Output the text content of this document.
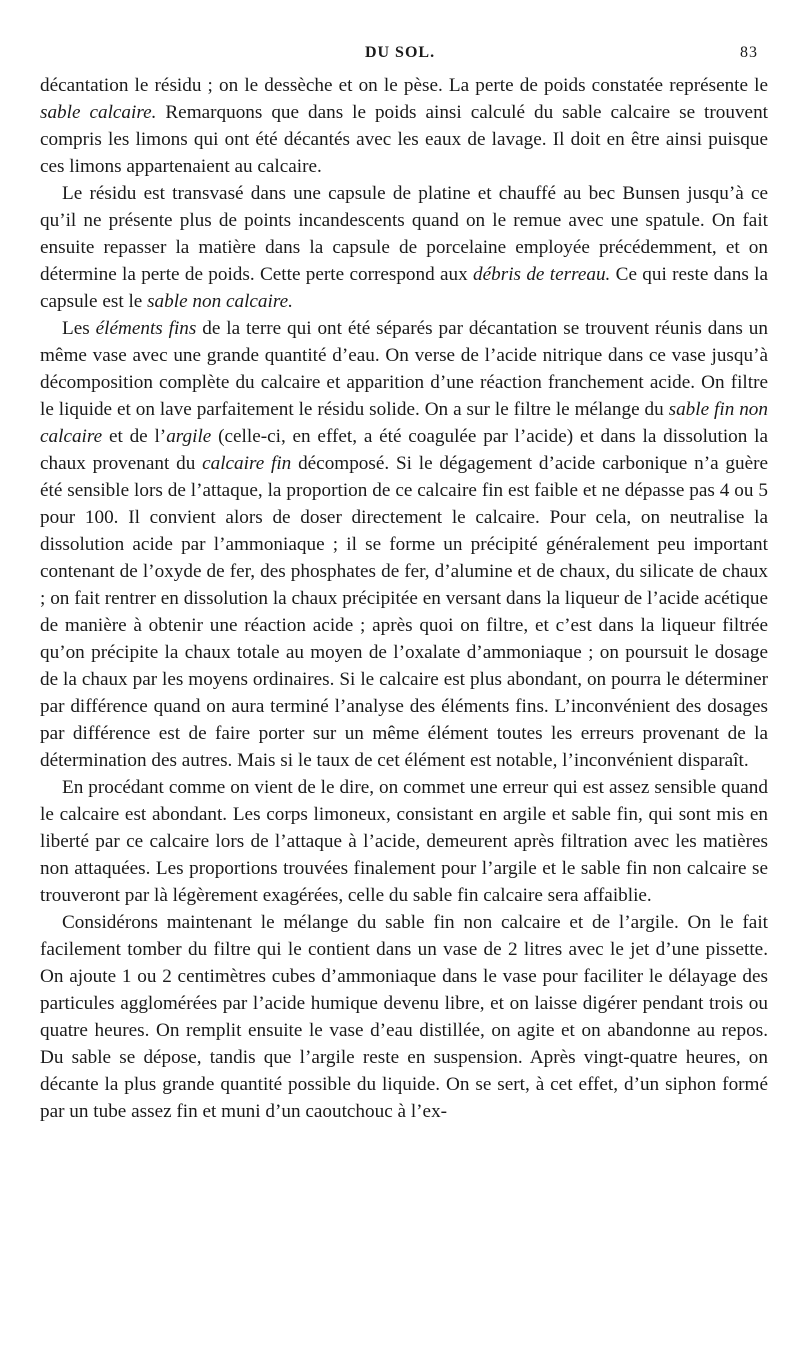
DU SOL.	83

décantation le résidu ; on le dessèche et on le pèse. La perte de poids constatée représente le sable calcaire. Remarquons que dans le poids ainsi calculé du sable calcaire se trouvent compris les limons qui ont été décantés avec les eaux de lavage. Il doit en être ainsi puisque ces limons appartenaient au calcaire.

Le résidu est transvasé dans une capsule de platine et chauffé au bec Bunsen jusqu’à ce qu’il ne présente plus de points incandescents quand on le remue avec une spatule. On fait ensuite repasser la matière dans la capsule de porcelaine employée précédemment, et on détermine la perte de poids. Cette perte correspond aux débris de terreau. Ce qui reste dans la capsule est le sable non calcaire.

Les éléments fins de la terre qui ont été séparés par décantation se trouvent réunis dans un même vase avec une grande quantité d’eau. On verse de l’acide nitrique dans ce vase jusqu’à décomposition complète du calcaire et apparition d’une réaction franchement acide. On filtre le liquide et on lave parfaitement le résidu solide. On a sur le filtre le mélange du sable fin non calcaire et de l’argile (celle-ci, en effet, a été coagulée par l’acide) et dans la dissolution la chaux provenant du calcaire fin décomposé. Si le dégagement d’acide carbonique n’a guère été sensible lors de l’attaque, la proportion de ce calcaire fin est faible et ne dépasse pas 4 ou 5 pour 100. Il convient alors de doser directement le calcaire. Pour cela, on neutralise la dissolution acide par l’ammoniaque ; il se forme un précipité généralement peu important contenant de l’oxyde de fer, des phosphates de fer, d’alumine et de chaux, du silicate de chaux ; on fait rentrer en dissolution la chaux précipitée en versant dans la liqueur de l’acide acétique de manière à obtenir une réaction acide ; après quoi on filtre, et c’est dans la liqueur filtrée qu’on précipite la chaux totale au moyen de l’oxalate d’ammoniaque ; on poursuit le dosage de la chaux par les moyens ordinaires. Si le calcaire est plus abondant, on pourra le déterminer par différence quand on aura terminé l’analyse des éléments fins. L’inconvénient des dosages par différence est de faire porter sur un même élément toutes les erreurs provenant de la détermination des autres. Mais si le taux de cet élément est notable, l’inconvénient disparaît.

En procédant comme on vient de le dire, on commet une erreur qui est assez sensible quand le calcaire est abondant. Les corps limoneux, consistant en argile et sable fin, qui sont mis en liberté par ce calcaire lors de l’attaque à l’acide, demeurent après filtration avec les matières non attaquées. Les proportions trouvées finalement pour l’argile et le sable fin non calcaire se trouveront par là légèrement exagérées, celle du sable fin calcaire sera affaiblie.

Considérons maintenant le mélange du sable fin non calcaire et de l’argile. On le fait facilement tomber du filtre qui le contient dans un vase de 2 litres avec le jet d’une pissette. On ajoute 1 ou 2 centimètres cubes d’ammoniaque dans le vase pour faciliter le délayage des particules agglomérées par l’acide humique devenu libre, et on laisse digérer pendant trois ou quatre heures. On remplit ensuite le vase d’eau distillée, on agite et on abandonne au repos. Du sable se dépose, tandis que l’argile reste en suspension. Après vingt-quatre heures, on décante la plus grande quantité possible du liquide. On se sert, à cet effet, d’un siphon formé par un tube assez fin et muni d’un caoutchouc à l’ex-
